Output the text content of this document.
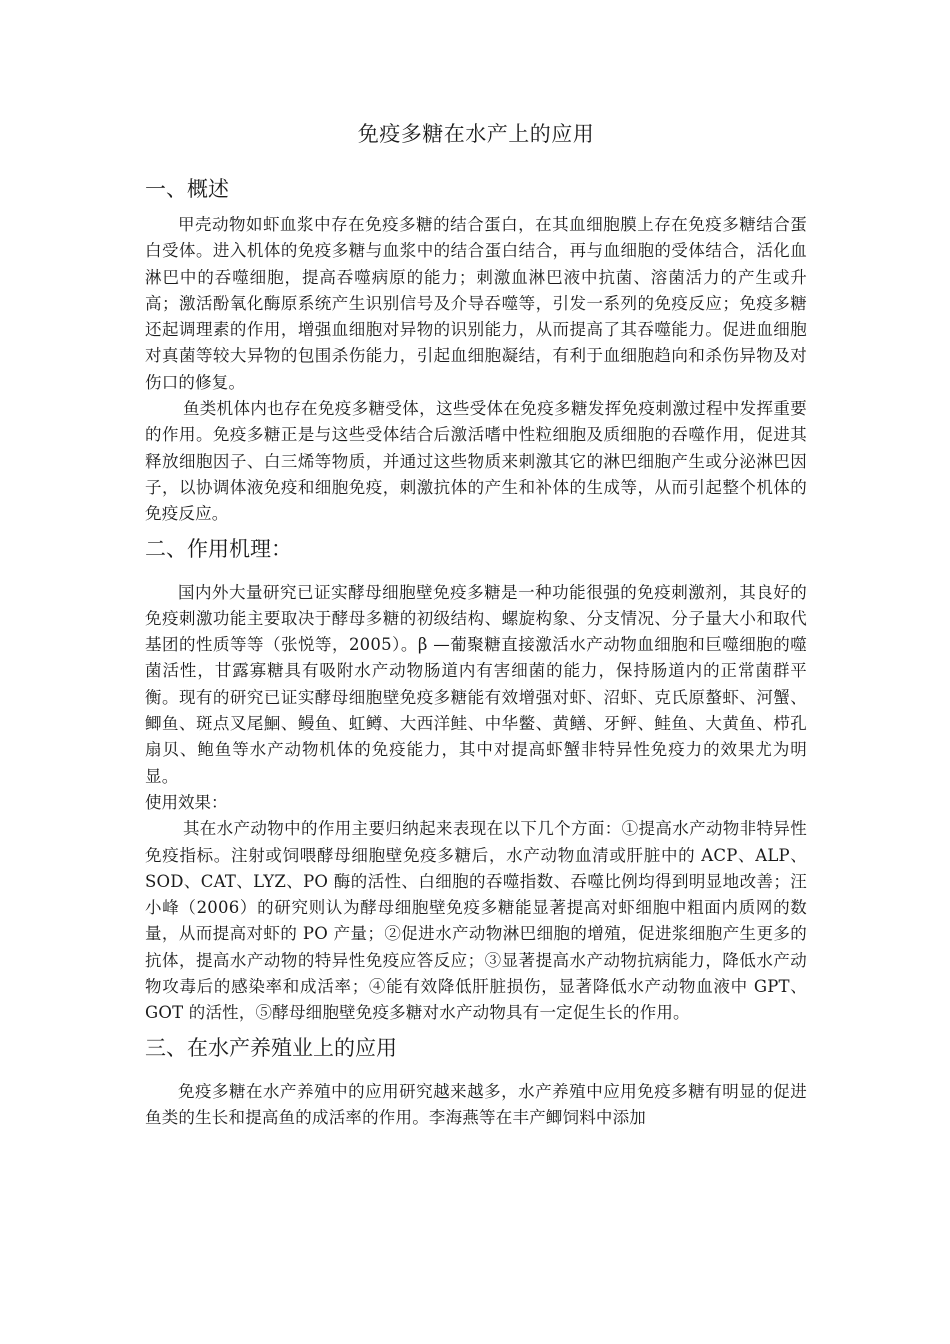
免疫多糖在水产上的应用
一、概述

甲壳动物如虾血浆中存在免疫多糖的结合蛋白，在其血细胞膜上存在免疫多糖结合蛋白受体。进入机体的免疫多糖与血浆中的结合蛋白结合，再与血细胞的受体结合，活化血淋巴中的吞噬细胞，提高吞噬病原的能力；刺激血淋巴液中抗菌、溶菌活力的产生或升高；激活酚氧化酶原系统产生识别信号及介导吞噬等，引发一系列的免疫反应；免疫多糖还起调理素的作用，增强血细胞对异物的识别能力，从而提高了其吞噬能力。促进血细胞对真菌等较大异物的包围杀伤能力，引起血细胞凝结，有利于血细胞趋向和杀伤异物及对伤口的修复。

鱼类机体内也存在免疫多糖受体，这些受体在免疫多糖发挥免疫刺激过程中发挥重要的作用。免疫多糖正是与这些受体结合后激活嗜中性粒细胞及质细胞的吞噬作用，促进其释放细胞因子、白三烯等物质，并通过这些物质来刺激其它的淋巴细胞产生或分泌淋巴因子，以协调体液免疫和细胞免疫，刺激抗体的产生和补体的生成等，从而引起整个机体的免疫反应。

二、作用机理：

国内外大量研究已证实酵母细胞壁免疫多糖是一种功能很强的免疫刺激剂，其良好的免疫刺激功能主要取决于酵母多糖的初级结构、螺旋构象、分支情况、分子量大小和取代基团的性质等等（张悦等，2005）。β —葡聚糖直接激活水产动物血细胞和巨噬细胞的噬菌活性，甘露寡糖具有吸附水产动物肠道内有害细菌的能力，保持肠道内的正常菌群平衡。现有的研究已证实酵母细胞壁免疫多糖能有效增强对虾、沼虾、克氏原螯虾、河蟹、鲫鱼、斑点叉尾鮰、鳗鱼、虹鳟、大西洋鲑、中华鳖、黄鳝、牙鲆、鲑鱼、大黄鱼、栉孔扇贝、鲍鱼等水产动物机体的免疫能力，其中对提高虾蟹非特异性免疫力的效果尤为明显。

使用效果：

其在水产动物中的作用主要归纳起来表现在以下几个方面：①提高水产动物非特异性免疫指标。注射或饲喂酵母细胞壁免疫多糖后，水产动物血清或肝脏中的 ACP、ALP、SOD、CAT、LYZ、PO 酶的活性、白细胞的吞噬指数、吞噬比例均得到明显地改善；汪小峰（2006）的研究则认为酵母细胞壁免疫多糖能显著提高对虾细胞中粗面内质网的数量，从而提高对虾的 PO 产量；②促进水产动物淋巴细胞的增殖，促进浆细胞产生更多的抗体，提高水产动物的特异性免疫应答反应；③显著提高水产动物抗病能力，降低水产动物攻毒后的感染率和成活率；④能有效降低肝脏损伤，显著降低水产动物血液中 GPT、GOT 的活性，⑤酵母细胞壁免疫多糖对水产动物具有一定促生长的作用。

三、在水产养殖业上的应用

免疫多糖在水产养殖中的应用研究越来越多，水产养殖中应用免疫多糖有明显的促进鱼类的生长和提高鱼的成活率的作用。李海燕等在丰产鲫饲料中添加
